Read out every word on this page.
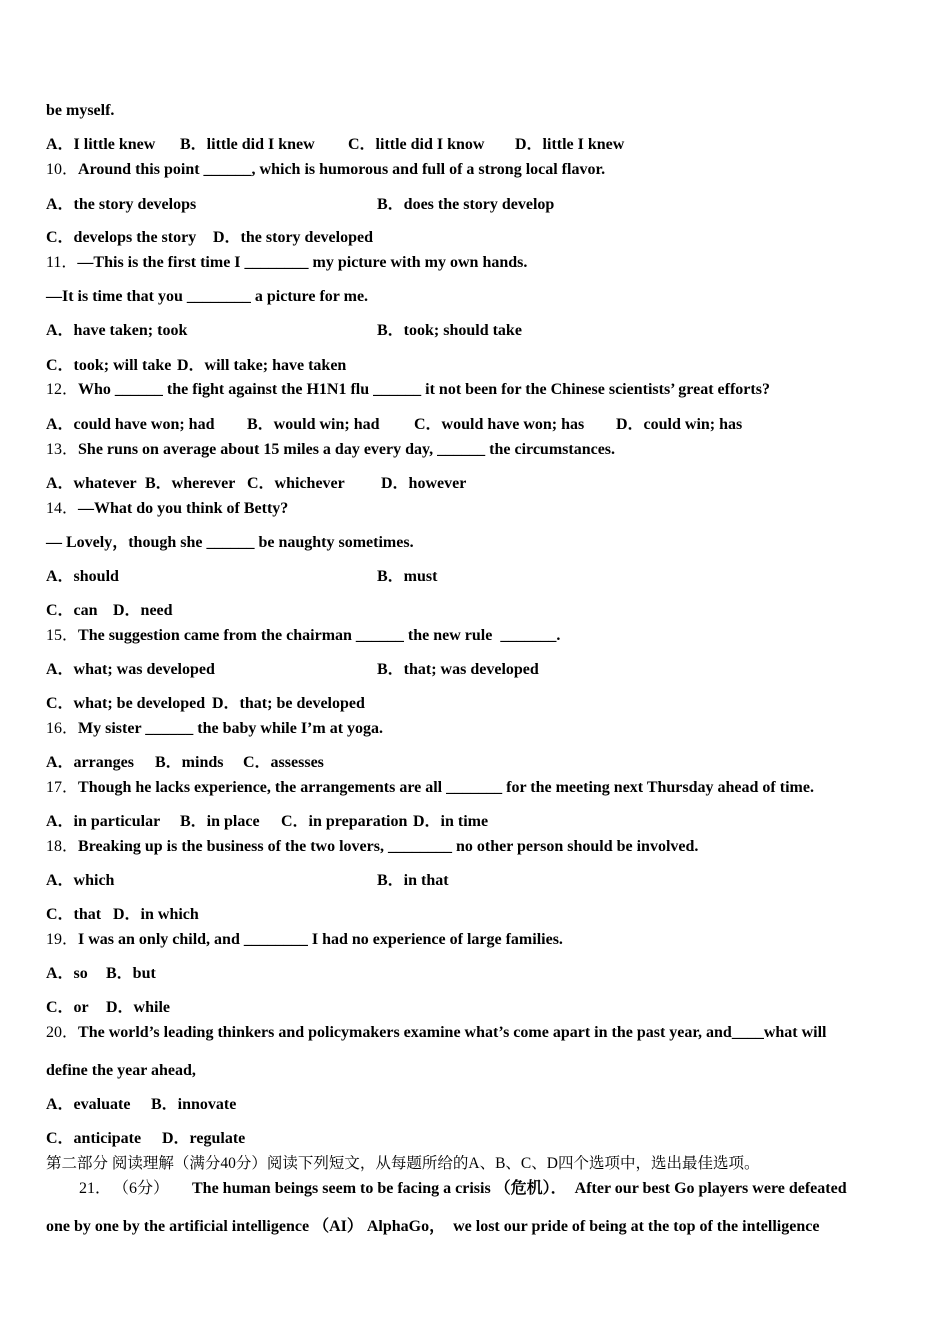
be myself.
A．I little knew B．little did I knew C．little did I know D．little I knew
10．Around this point ______, which is humorous and full of a strong local flavor.
A．the story develops	B．does the story develop
C．develops the story D．the story developed
11．—This is the first time I ________ my picture with my own hands.
—It is time that you ________ a picture for me.
A．have taken; took	B．took; should take
C．took; will take D．will take; have taken
12．Who ______ the fight against the H1N1 flu ______ it not been for the Chinese scientists’ great efforts?
A．could have won; had B．would win; had C．would have won; has D．could win; has
13．She runs on average about 15 miles a day every day, ______ the circumstances.
A．whatever B．wherever C．whichever D．however
14．—What do you think of Betty?
— Lovely，though she ______ be naughty sometimes.
A．should	B．must
C．can D．need
15．The suggestion came from the chairman ______ the new rule  _______.
A．what; was developed	B．that; was developed
C．what; be developed D．that; be developed
16．My sister ______ the baby while I’m at yoga.
A．arranges B．minds C．assesses
17．Though he lacks experience, the arrangements are all _______ for the meeting next Thursday ahead of time.
A．in particular B．in place C．in preparation D．in time
18．Breaking up is the business of the two lovers, ________ no other person should be involved.
A．which	B．in that
C．that D．in which
19．I was an only child, and ________ I had no experience of large families.
A．so B．but
C．or D．while
20．The world’s leading thinkers and policymakers examine what’s come apart in the past year, and____what will
define the year ahead,
A．evaluate B．innovate
C．anticipate D．regulate
第二部分 阅读理解（满分40分）阅读下列短文，从每题所给的A、B、C、D四个选项中，选出最佳选项。
21． （6分） The human beings seem to be facing a crisis （危机）．  After our best Go players were defeated
one by one by the artificial intelligence （AI） AlphaGo，  we lost our pride of being at the top of the intelligence
